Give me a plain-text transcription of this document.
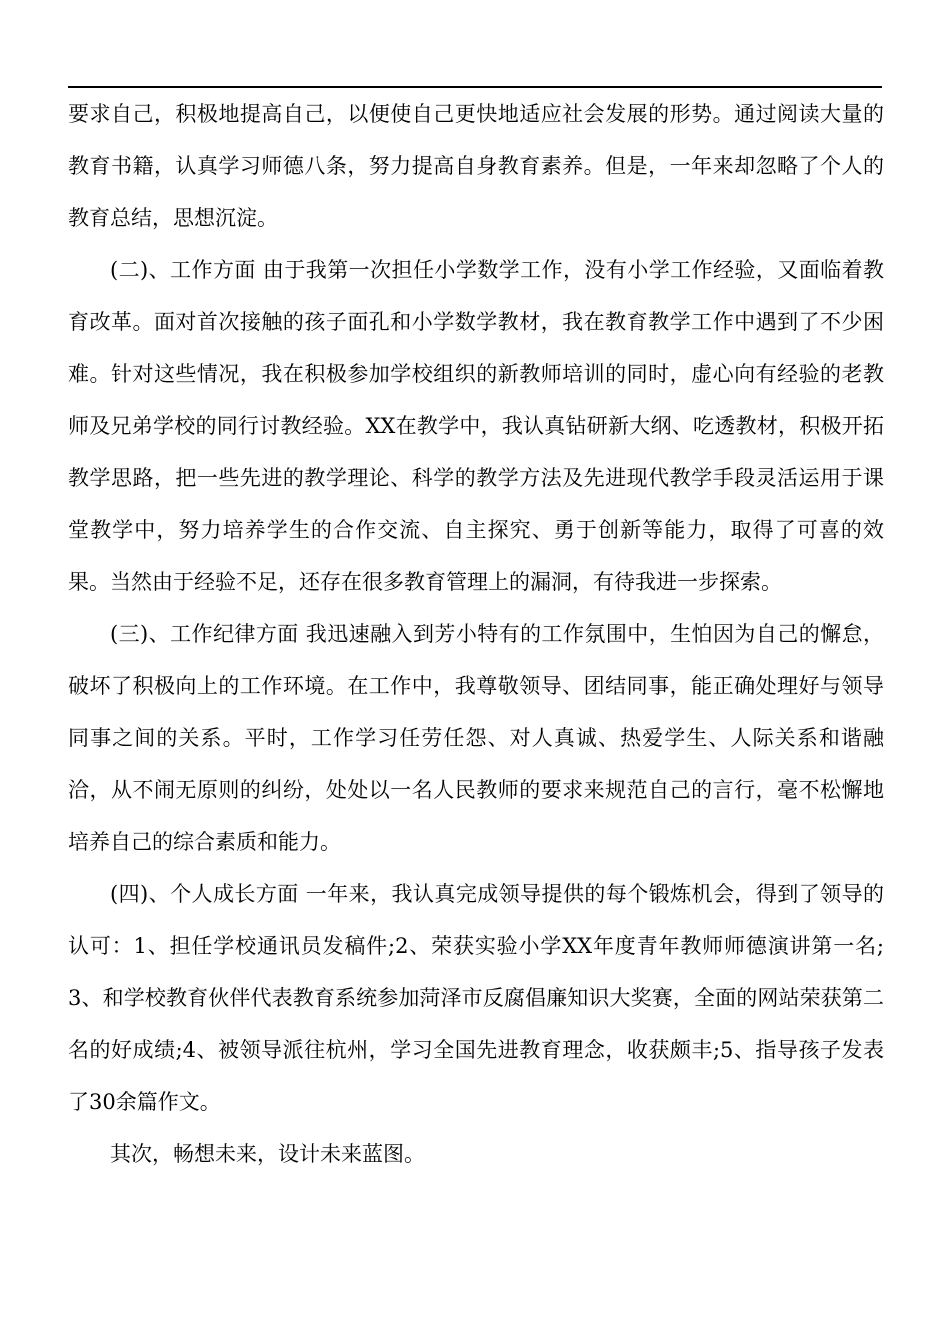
要求自己，积极地提高自己，以便使自己更快地适应社会发展的形势。通过阅读大量的教育书籍，认真学习师德八条，努力提高自身教育素养。但是，一年来却忽略了个人的教育总结，思想沉淀。

(二)、工作方面 由于我第一次担任小学数学工作，没有小学工作经验，又面临着教育改革。面对首次接触的孩子面孔和小学数学教材，我在教育教学工作中遇到了不少困难。针对这些情况，我在积极参加学校组织的新教师培训的同时，虚心向有经验的老教师及兄弟学校的同行讨教经验。XX在教学中，我认真钻研新大纲、吃透教材，积极开拓教学思路，把一些先进的教学理论、科学的教学方法及先进现代教学手段灵活运用于课堂教学中，努力培养学生的合作交流、自主探究、勇于创新等能力，取得了可喜的效果。当然由于经验不足，还存在很多教育管理上的漏洞，有待我进一步探索。

(三)、工作纪律方面 我迅速融入到芳小特有的工作氛围中，生怕因为自己的懈怠，破坏了积极向上的工作环境。在工作中，我尊敬领导、团结同事，能正确处理好与领导同事之间的关系。平时，工作学习任劳任怨、对人真诚、热爱学生、人际关系和谐融洽，从不闹无原则的纠纷，处处以一名人民教师的要求来规范自己的言行，毫不松懈地培养自己的综合素质和能力。

(四)、个人成长方面 一年来，我认真完成领导提供的每个锻炼机会，得到了领导的认可：1、担任学校通讯员发稿件;2、荣获实验小学XX年度青年教师师德演讲第一名;3、和学校教育伙伴代表教育系统参加菏泽市反腐倡廉知识大奖赛，全面的网站荣获第二名的好成绩;4、被领导派往杭州，学习全国先进教育理念，收获颇丰;5、指导孩子发表了30余篇作文。

其次，畅想未来，设计未来蓝图。
